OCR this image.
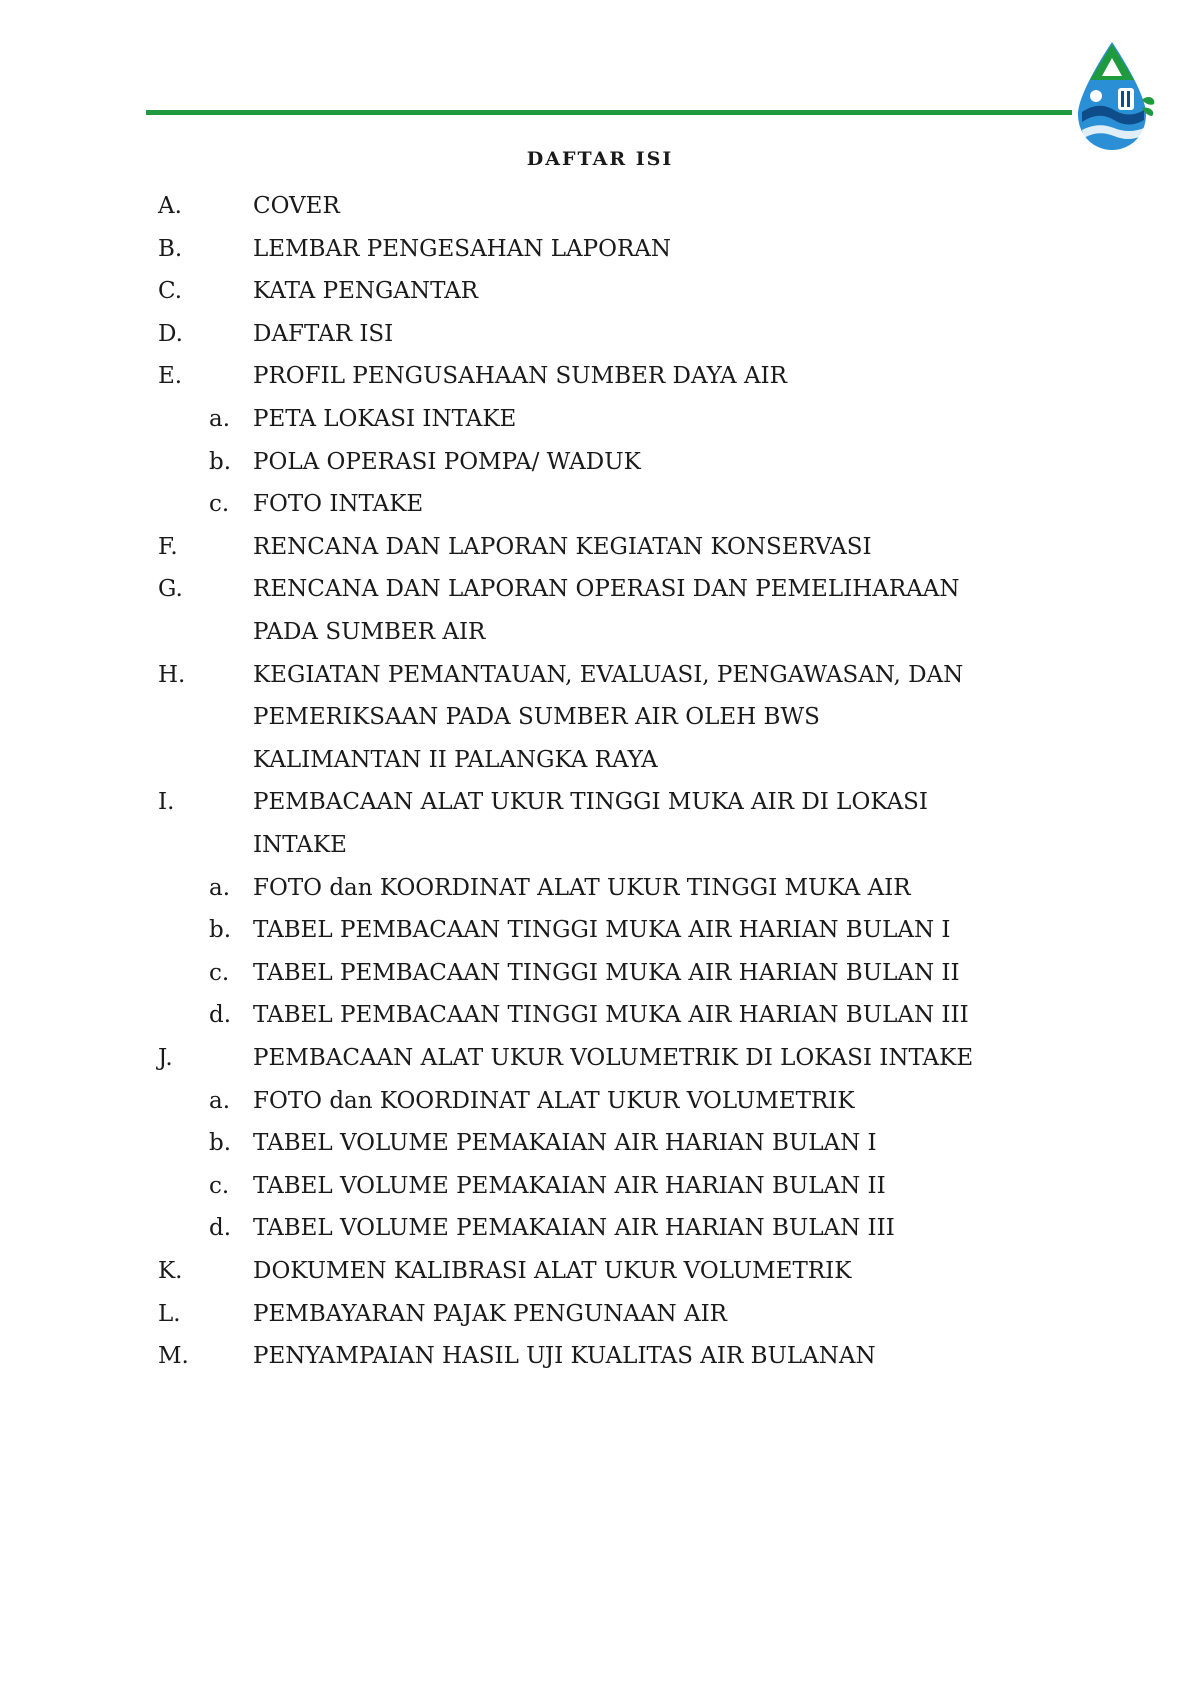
DAFTAR ISI
A.	COVER
B.	LEMBAR PENGESAHAN LAPORAN
C.	KATA PENGANTAR
D.	DAFTAR ISI
E.	PROFIL PENGUSAHAAN SUMBER DAYA AIR
a. PETA LOKASI INTAKE
b. POLA OPERASI POMPA/ WADUK
c. FOTO INTAKE
F.	RENCANA DAN LAPORAN KEGIATAN KONSERVASI
G.	RENCANA DAN LAPORAN OPERASI DAN PEMELIHARAAN
PADA SUMBER AIR
H.	KEGIATAN PEMANTAUAN, EVALUASI, PENGAWASAN, DAN
PEMERIKSAAN PADA SUMBER AIR OLEH BWS
KALIMANTAN II PALANGKA RAYA
I.	PEMBACAAN ALAT UKUR TINGGI MUKA AIR DI LOKASI
INTAKE
a. FOTO dan KOORDINAT ALAT UKUR TINGGI MUKA AIR
b. TABEL PEMBACAAN TINGGI MUKA AIR HARIAN BULAN I
c. TABEL PEMBACAAN TINGGI MUKA AIR HARIAN BULAN II
d. TABEL PEMBACAAN TINGGI MUKA AIR HARIAN BULAN III
J.	PEMBACAAN ALAT UKUR VOLUMETRIK DI LOKASI INTAKE
a. FOTO dan KOORDINAT ALAT UKUR VOLUMETRIK
b. TABEL VOLUME PEMAKAIAN AIR HARIAN BULAN I
c. TABEL VOLUME PEMAKAIAN AIR HARIAN BULAN II
d. TABEL VOLUME PEMAKAIAN AIR HARIAN BULAN III
K.	DOKUMEN KALIBRASI ALAT UKUR VOLUMETRIK
L.	PEMBAYARAN PAJAK PENGUNAAN AIR
M.	PENYAMPAIAN HASIL UJI KUALITAS AIR BULANAN
